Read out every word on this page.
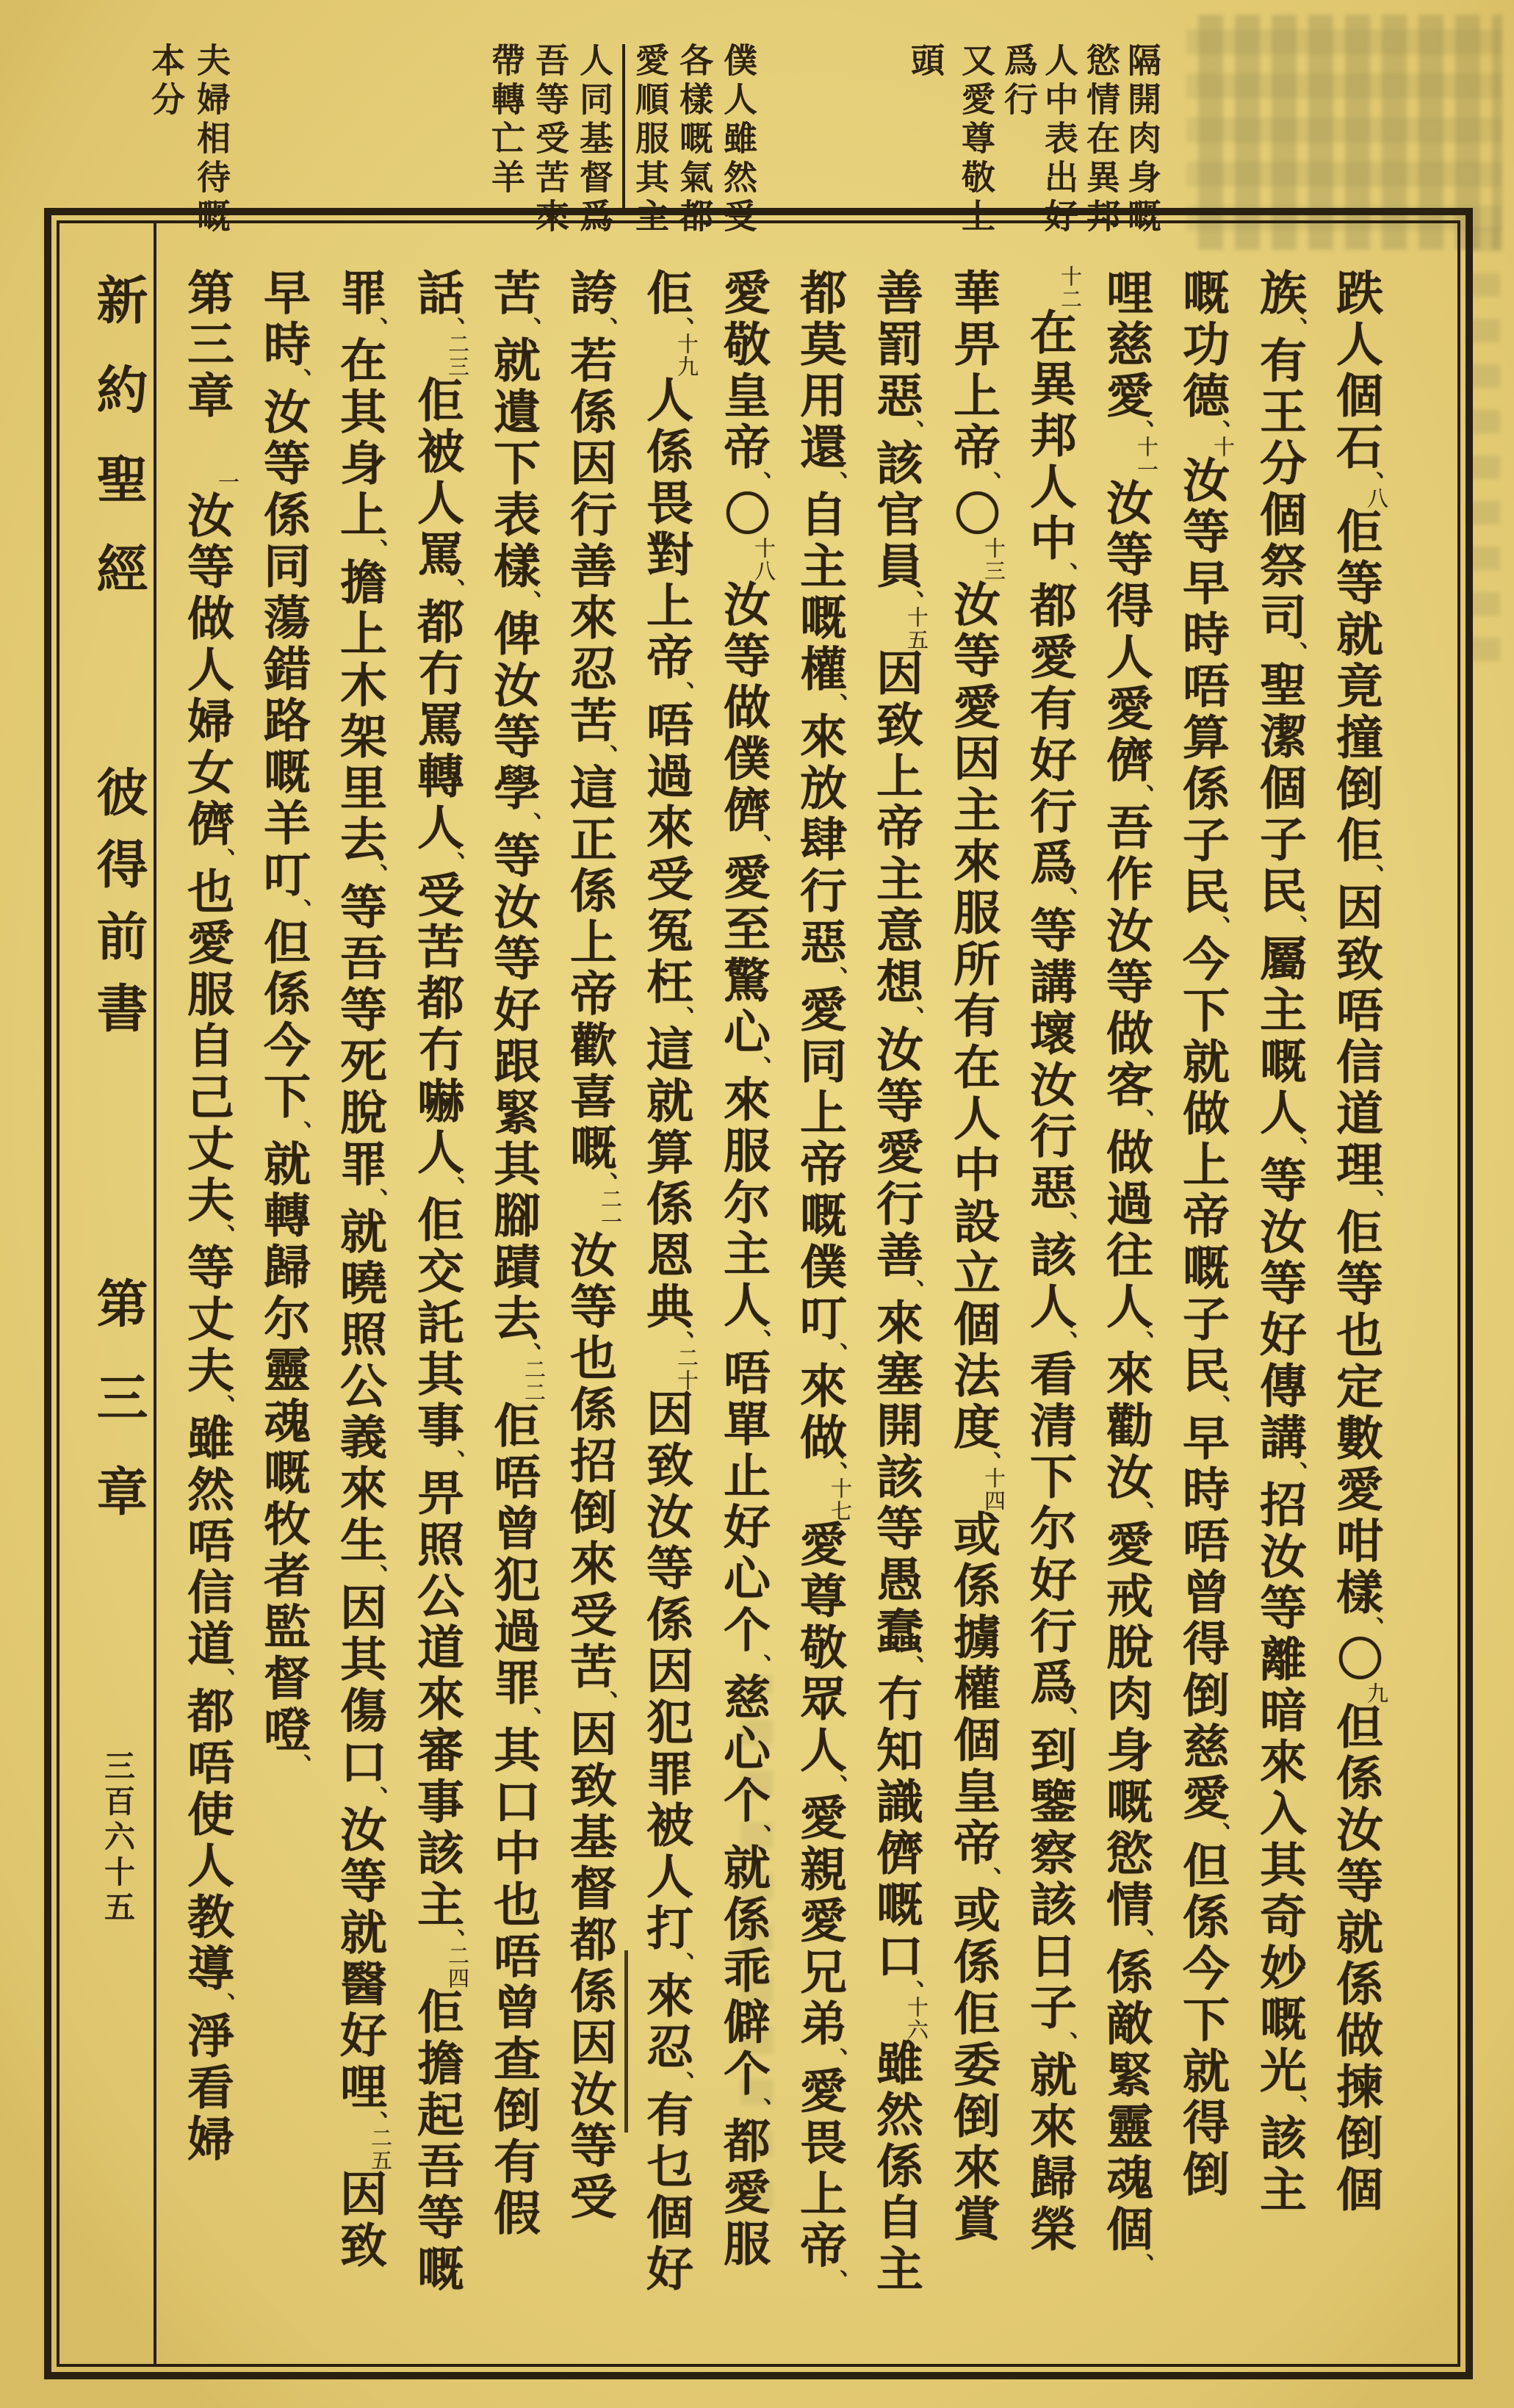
隔開肉身嘅
慾情在異邦
人中表出好
爲行
又愛尊敬上
頭
僕人雖然受
各樣嘅氣都
愛順服其主
人同基督爲
吾等受苦來
帶轉亡羊
夫婦相待嘅
本分
跌人個石、八佢等就竟撞倒佢、因致唔信道理、佢等也定數愛咁樣、〇九但係汝等就係做揀倒個
族、有王分個祭司、聖潔個子民、屬主嘅人、等汝等好傳講、招汝等離暗來入其奇妙嘅光、該主
嘅功德、十汝等早時唔算係子民、今下就做上帝嘅子民、早時唔曾得倒慈愛、但係今下就得倒
哩慈愛、十一汝等得人愛儕、吾作汝等做客、做過往人、來勸汝、愛戒脫肉身嘅慾情、係敵緊靈魂個、
十二在異邦人中、都愛有好行爲、等講壞汝行惡、該人、看清下尔好行爲、到鑒察該日子、就來歸榮
華畀上帝、〇十三汝等愛因主來服所有在人中設立個法度、十四或係擄權個皇帝、或係佢委倒來賞
善罰惡、該官員、十五因致上帝主意想、汝等愛行善、來塞開該等愚蠢、冇知識儕嘅口、十六雖然係自主
都莫用還、自主嘅權、來放肆行惡、愛同上帝嘅僕叮、來做、十七愛尊敬眾人、愛親愛兄弟、愛畏上帝、
愛敬皇帝、〇十八汝等做僕儕、愛至驚心、來服尔主人、唔單止好心个、慈心个、就係乖僻个、都愛服
佢、十九人係畏對上帝、唔過來受冤枉、這就算係恩典、二十因致汝等係因犯罪被人打、來忍、有乜個好
誇、若係因行善來忍苦、這正係上帝歡喜嘅、二一汝等也係招倒來受苦、因致基督都係因汝等受
苦、就遺下表樣、俾汝等學、等汝等好跟緊其腳蹟去、二二佢唔曾犯過罪、其口中也唔曾查倒有假
話、二三佢被人罵、都冇罵轉人、受苦都冇嚇人、佢交託其事、畀照公道來審事該主、二四佢擔起吾等嘅
罪、在其身上、擔上木架里去、等吾等死脫罪、就曉照公義來生、因其傷口、汝等就醫好哩、二五因致
早時、汝等係同蕩錯路嘅羊叮、但係今下、就轉歸尔靈魂嘅牧者監督噔、
第三章　一汝等做人婦女儕、也愛服自己丈夫、等丈夫、雖然唔信道、都唔使人教導、淨看婦
新約聖經
彼得前書
第三章
三百六十五
